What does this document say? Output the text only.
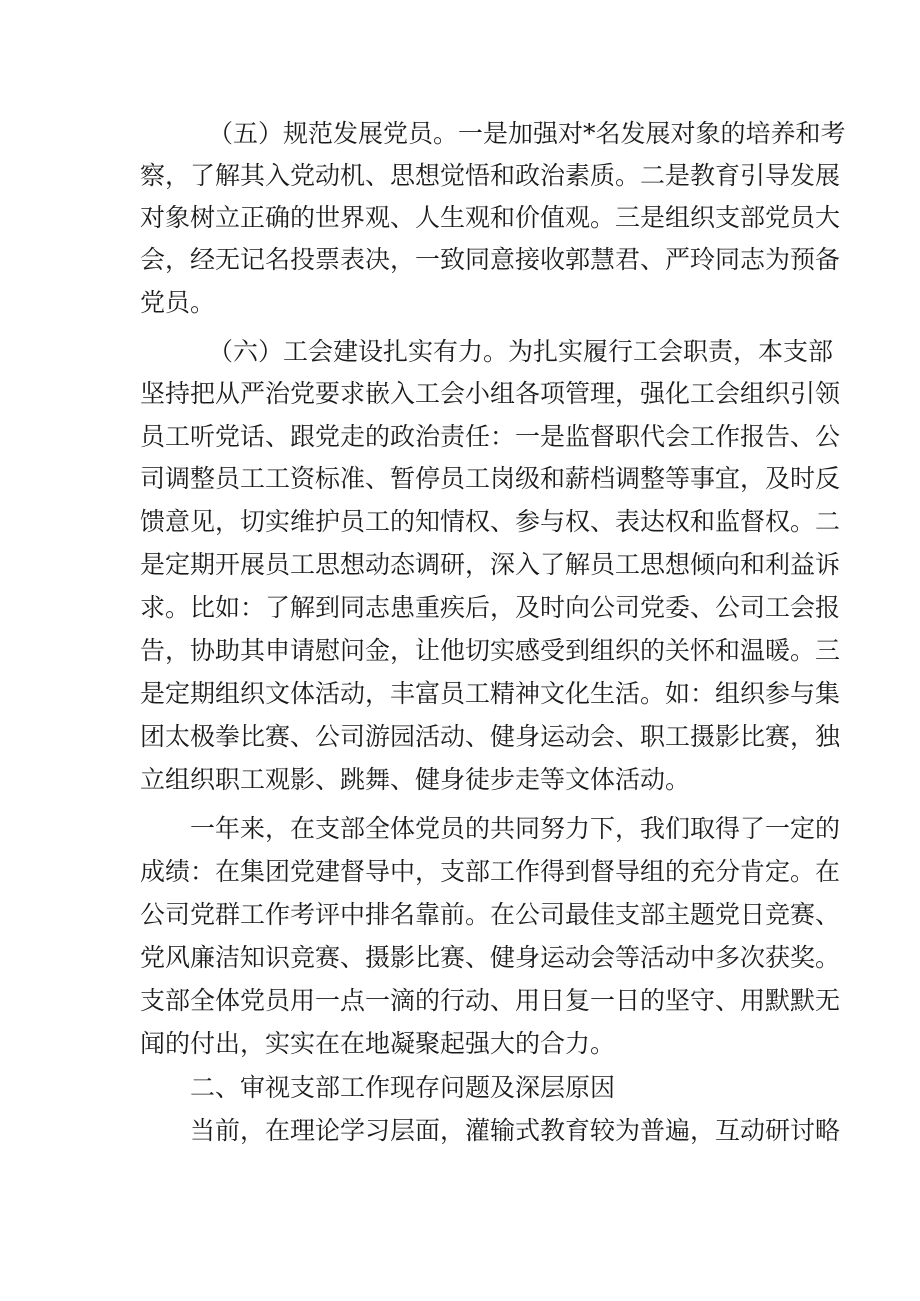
（五）规范发展党员。一是加强对*名发展对象的培养和考
察，了解其入党动机、思想觉悟和政治素质。二是教育引导发展
对象树立正确的世界观、人生观和价值观。三是组织支部党员大
会，经无记名投票表决，一致同意接收郭慧君、严玲同志为预备
党员。
（六）工会建设扎实有力。为扎实履行工会职责，本支部
坚持把从严治党要求嵌入工会小组各项管理，强化工会组织引领
员工听党话、跟党走的政治责任：一是监督职代会工作报告、公
司调整员工工资标准、暂停员工岗级和薪档调整等事宜，及时反
馈意见，切实维护员工的知情权、参与权、表达权和监督权。二
是定期开展员工思想动态调研，深入了解员工思想倾向和利益诉
求。比如：了解到同志患重疾后，及时向公司党委、公司工会报
告，协助其申请慰问金，让他切实感受到组织的关怀和温暖。三
是定期组织文体活动，丰富员工精神文化生活。如：组织参与集
团太极拳比赛、公司游园活动、健身运动会、职工摄影比赛，独
立组织职工观影、跳舞、健身徒步走等文体活动。
一年来，在支部全体党员的共同努力下，我们取得了一定的
成绩：在集团党建督导中，支部工作得到督导组的充分肯定。在
公司党群工作考评中排名靠前。在公司最佳支部主题党日竞赛、
党风廉洁知识竞赛、摄影比赛、健身运动会等活动中多次获奖。
支部全体党员用一点一滴的行动、用日复一日的坚守、用默默无
闻的付出，实实在在地凝聚起强大的合力。
二、审视支部工作现存问题及深层原因
当前，在理论学习层面，灌输式教育较为普遍，互动研讨略
